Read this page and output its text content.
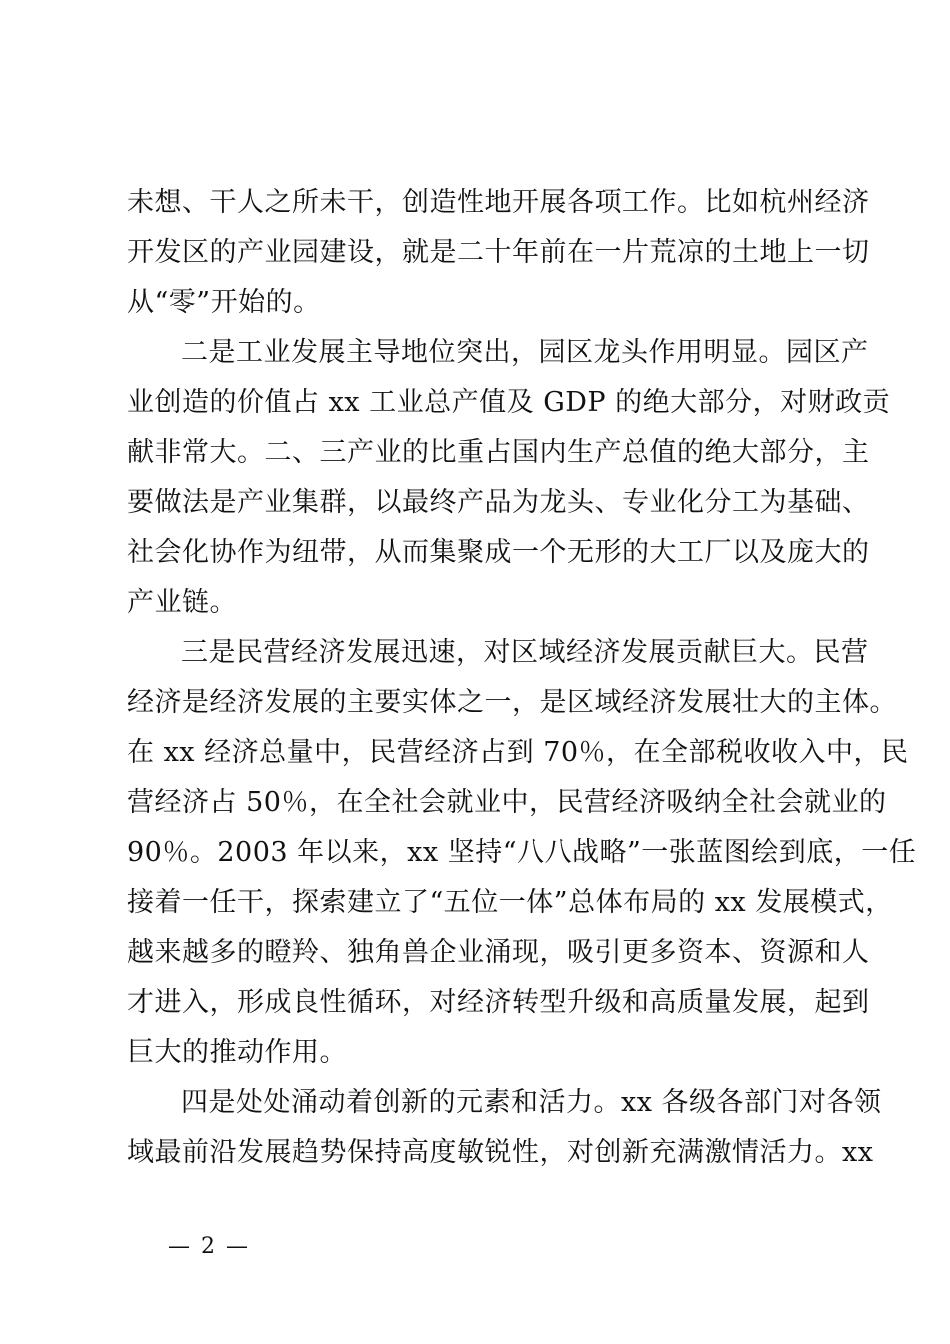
未想、干人之所未干，创造性地开展各项工作。比如杭州经济
开发区的产业园建设，就是二十年前在一片荒凉的土地上一切
从“零”开始的。
二是工业发展主导地位突出，园区龙头作用明显。园区产
业创造的价值占 xx 工业总产值及 GDP 的绝大部分，对财政贡
献非常大。二、三产业的比重占国内生产总值的绝大部分，主
要做法是产业集群，以最终产品为龙头、专业化分工为基础、
社会化协作为纽带，从而集聚成一个无形的大工厂以及庞大的
产业链。
三是民营经济发展迅速，对区域经济发展贡献巨大。民营
经济是经济发展的主要实体之一，是区域经济发展壮大的主体。
在 xx 经济总量中，民营经济占到 70％，在全部税收收入中，民
营经济占 50％，在全社会就业中，民营经济吸纳全社会就业的
90％。2003 年以来，xx 坚持“八八战略”一张蓝图绘到底，一任
接着一任干，探索建立了“五位一体”总体布局的 xx 发展模式，
越来越多的瞪羚、独角兽企业涌现，吸引更多资本、资源和人
才进入，形成良性循环，对经济转型升级和高质量发展，起到
巨大的推动作用。
四是处处涌动着创新的元素和活力。xx 各级各部门对各领
域最前沿发展趋势保持高度敏锐性，对创新充满激情活力。xx
— 2 —
